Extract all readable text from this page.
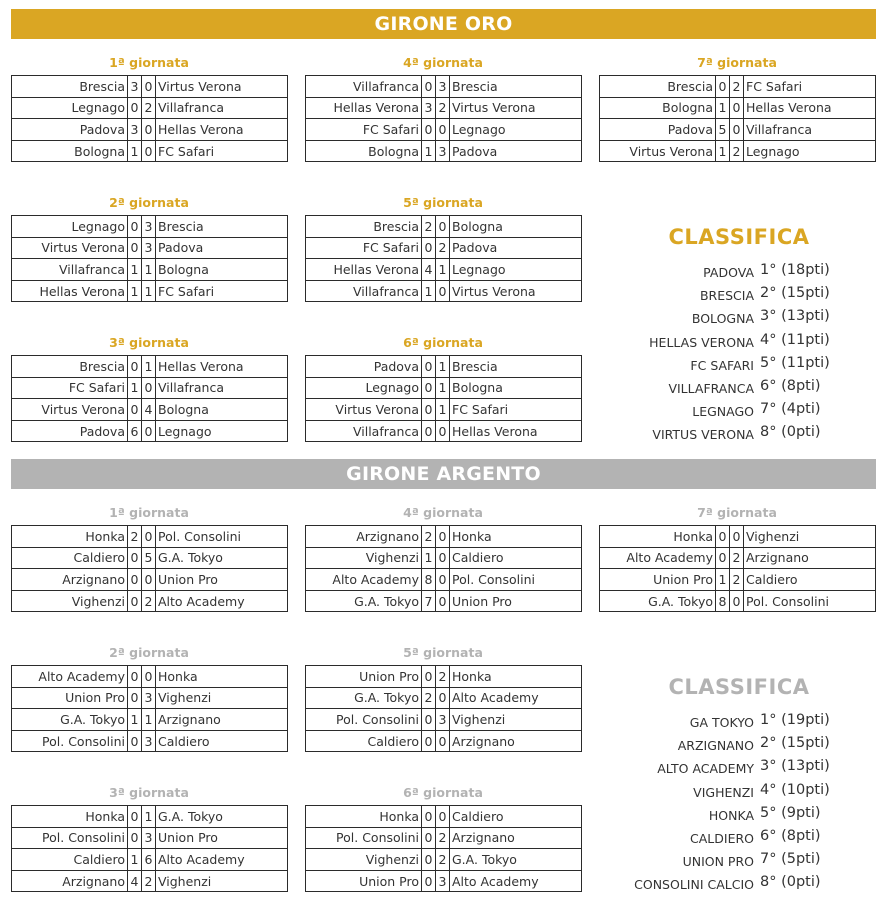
GIRONE ORO
1ª giornata
Brescia	3	0	Virtus Verona
Legnago	0	2	Villafranca
Padova	3	0	Hellas Verona
Bologna	1	0	FC Safari
4ª giornata
Villafranca	0	3	Brescia
Hellas Verona	3	2	Virtus Verona
FC Safari	0	0	Legnago
Bologna	1	3	Padova
7ª giornata
Brescia	0	2	FC Safari
Bologna	1	0	Hellas Verona
Padova	5	0	Villafranca
Virtus Verona	1	2	Legnago
2ª giornata
Legnago	0	3	Brescia
Virtus Verona	0	3	Padova
Villafranca	1	1	Bologna
Hellas Verona	1	1	FC Safari
5ª giornata
Brescia	2	0	Bologna
FC Safari	0	2	Padova
Hellas Verona	4	1	Legnago
Villafranca	1	0	Virtus Verona
3ª giornata
Brescia	0	1	Hellas Verona
FC Safari	1	0	Villafranca
Virtus Verona	0	4	Bologna
Padova	6	0	Legnago
6ª giornata
Padova	0	1	Brescia
Legnago	0	1	Bologna
Virtus Verona	0	1	FC Safari
Villafranca	0	0	Hellas Verona
CLASSIFICA
PADOVA 1° (18pti)
BRESCIA 2° (15pti)
BOLOGNA 3° (13pti)
HELLAS VERONA 4° (11pti)
FC SAFARI 5° (11pti)
VILLAFRANCA 6° (8pti)
LEGNAGO 7° (4pti)
VIRTUS VERONA 8° (0pti)
GIRONE ARGENTO
1ª giornata
Honka	2	0	Pol. Consolini
Caldiero	0	5	G.A. Tokyo
Arzignano	0	0	Union Pro
Vighenzi	0	2	Alto Academy
4ª giornata
Arzignano	2	0	Honka
Vighenzi	1	0	Caldiero
Alto Academy	8	0	Pol. Consolini
G.A. Tokyo	7	0	Union Pro
7ª giornata
Honka	0	0	Vighenzi
Alto Academy	0	2	Arzignano
Union Pro	1	2	Caldiero
G.A. Tokyo	8	0	Pol. Consolini
2ª giornata
Alto Academy	0	0	Honka
Union Pro	0	3	Vighenzi
G.A. Tokyo	1	1	Arzignano
Pol. Consolini	0	3	Caldiero
5ª giornata
Union Pro	0	2	Honka
G.A. Tokyo	2	0	Alto Academy
Pol. Consolini	0	3	Vighenzi
Caldiero	0	0	Arzignano
3ª giornata
Honka	0	1	G.A. Tokyo
Pol. Consolini	0	3	Union Pro
Caldiero	1	6	Alto Academy
Arzignano	4	2	Vighenzi
6ª giornata
Honka	0	0	Caldiero
Pol. Consolini	0	2	Arzignano
Vighenzi	0	2	G.A. Tokyo
Union Pro	0	3	Alto Academy
CLASSIFICA
GA TOKYO 1° (19pti)
ARZIGNANO 2° (15pti)
ALTO ACADEMY 3° (13pti)
VIGHENZI 4° (10pti)
HONKA 5° (9pti)
CALDIERO 6° (8pti)
UNION PRO 7° (5pti)
CONSOLINI CALCIO 8° (0pti)
